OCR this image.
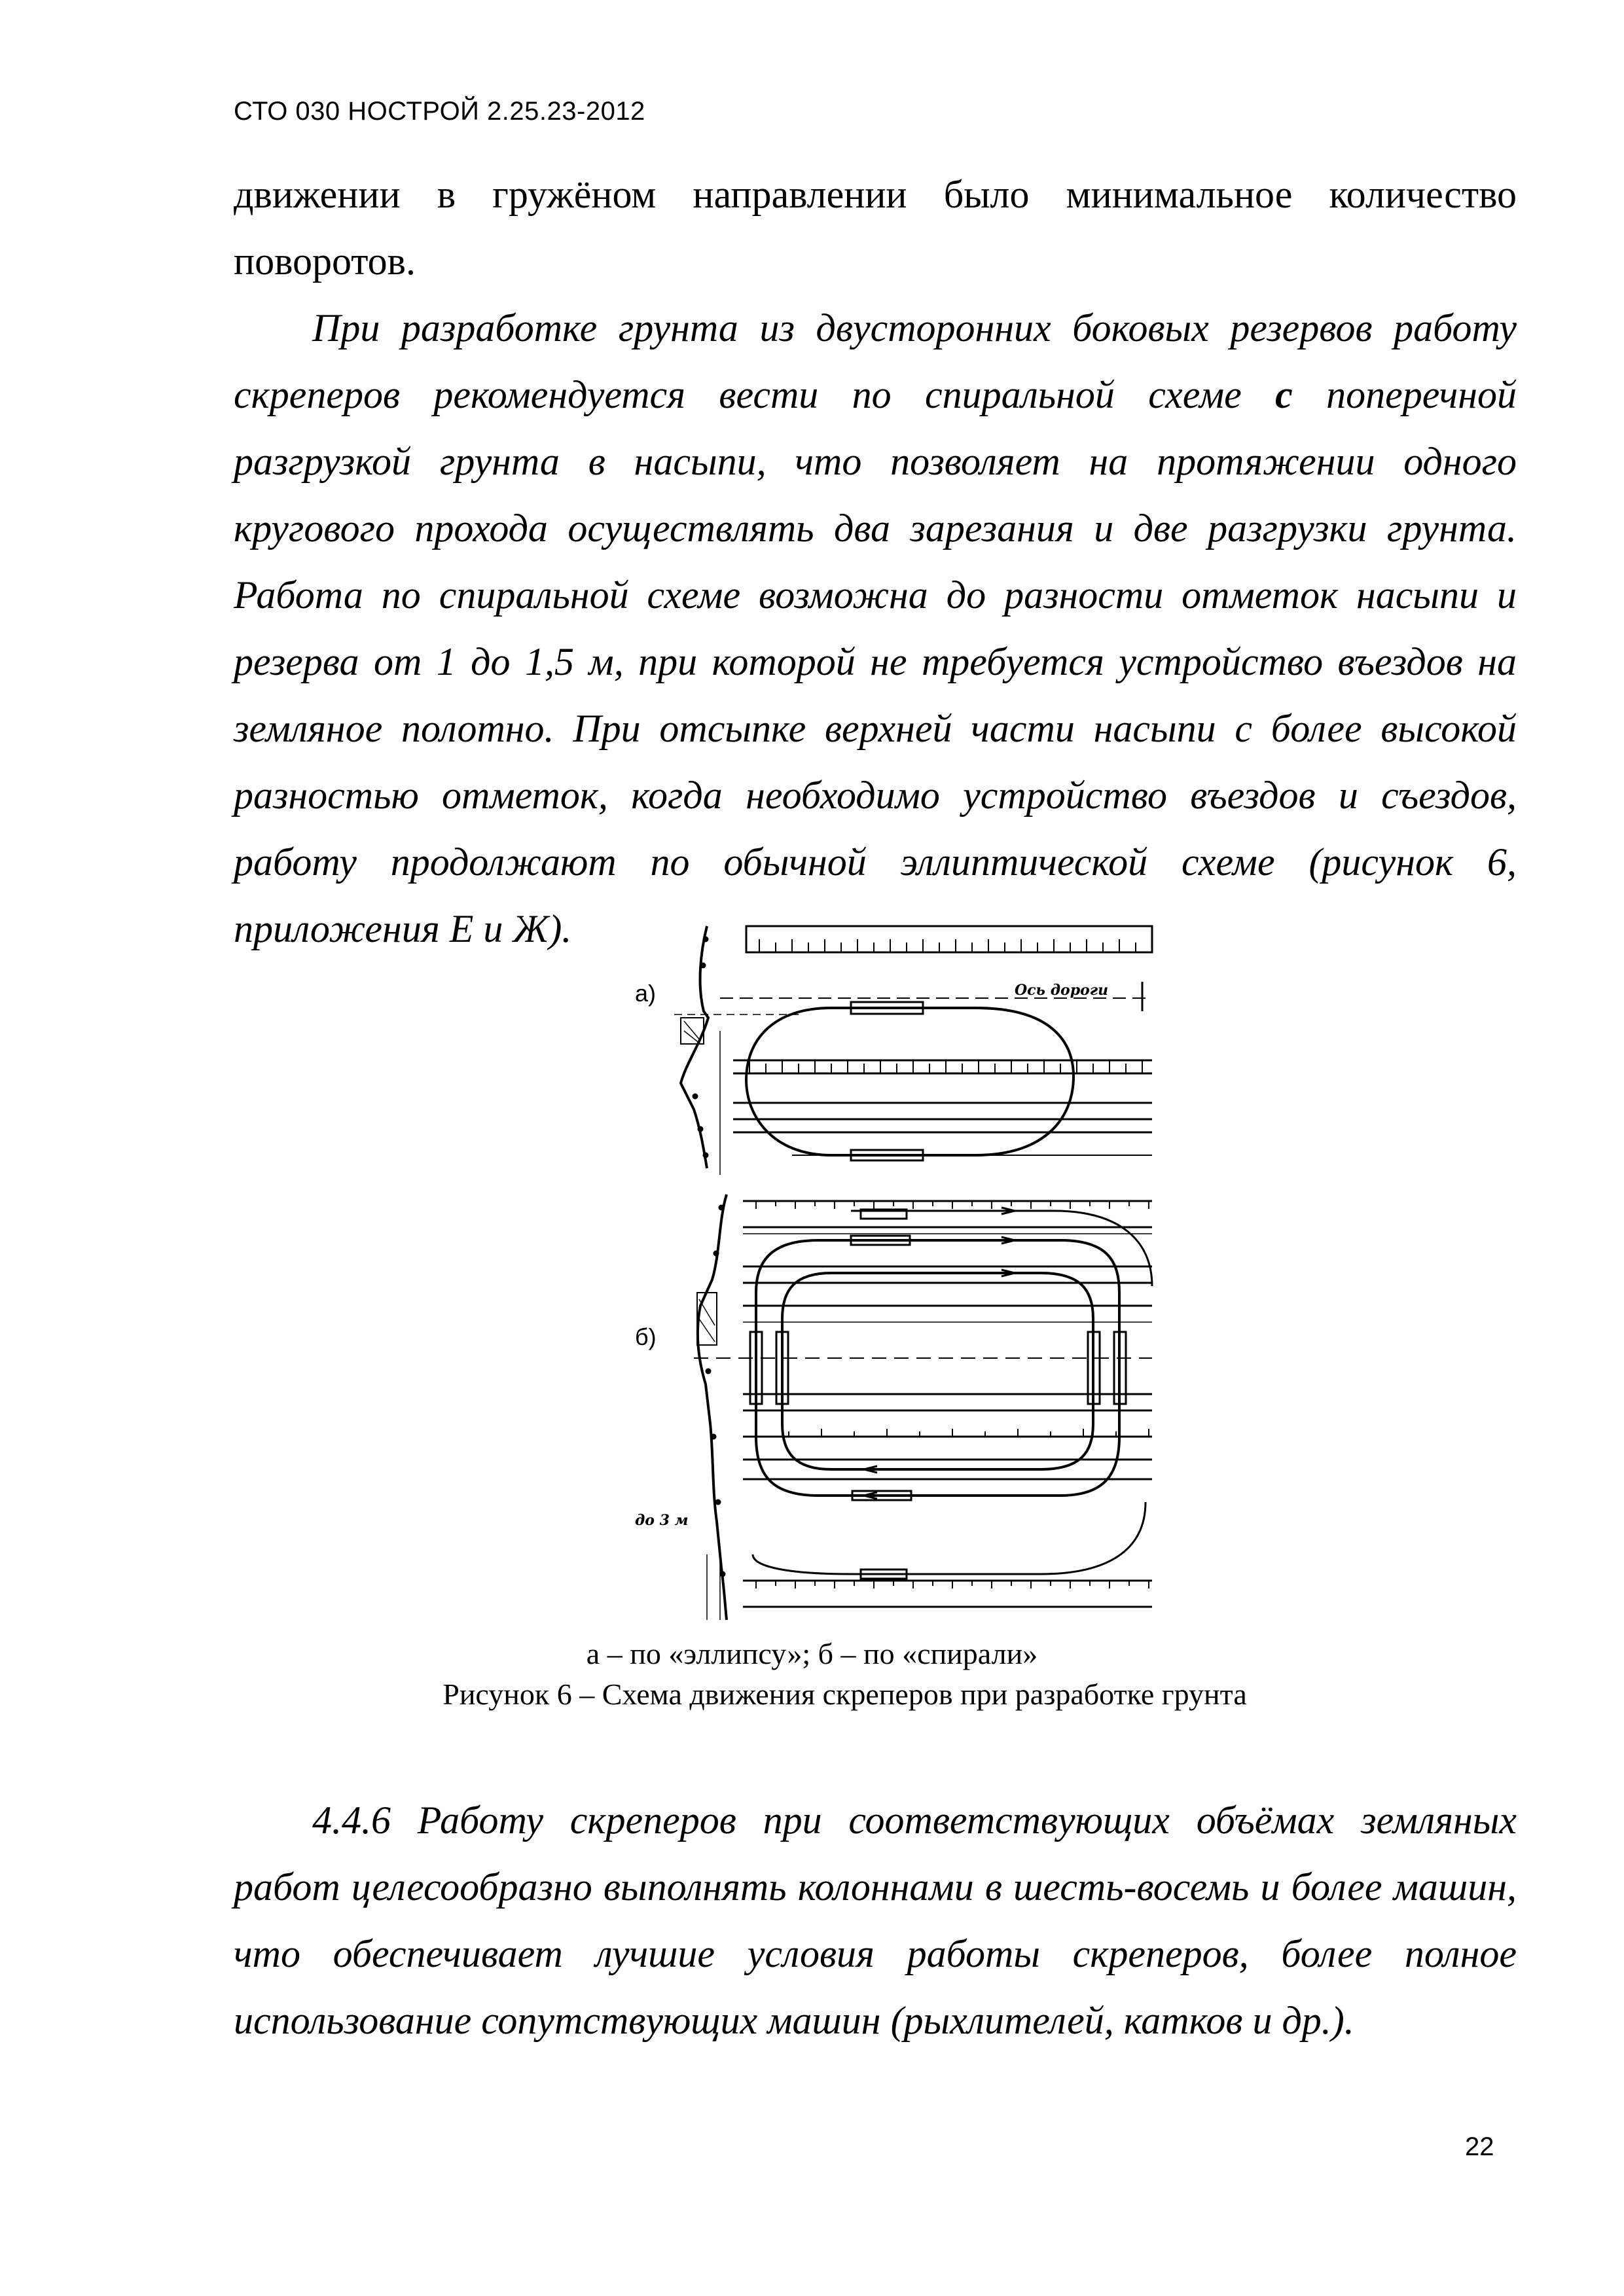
СТО 030 НОСТРОЙ 2.25.23-2012

движении в гружёном направлении было минимальное количество поворотов.

При разработке грунта из двусторонних боковых резервов работу скреперов рекомендуется вести по спиральной схеме с поперечной разгрузкой грунта в насыпи, что позволяет на протяжении одного кругового прохода осуществлять два зарезания и две разгрузки грунта. Работа по спиральной схеме возможна до разности отметок насыпи и резерва от 1 до 1,5 м, при которой не требуется устройство въездов на земляное полотно. При отсыпке верхней части насыпи с более высокой разностью отметок, когда необходимо устройство въездов и съездов, работу продолжают по обычной эллиптической схеме (рисунок 6, приложения Е и Ж).

а)
б)
Ось дороги
до 3 м
а – по «эллипсу»; б – по «спирали»
Рисунок 6 – Схема движения скреперов при разработке грунта

4.4.6 Работу скреперов при соответствующих объёмах земляных работ целесообразно выполнять колоннами в шесть-восемь и более машин, что обеспечивает лучшие условия работы скреперов, более полное использование сопутствующих машин (рыхлителей, катков и др.).

22
